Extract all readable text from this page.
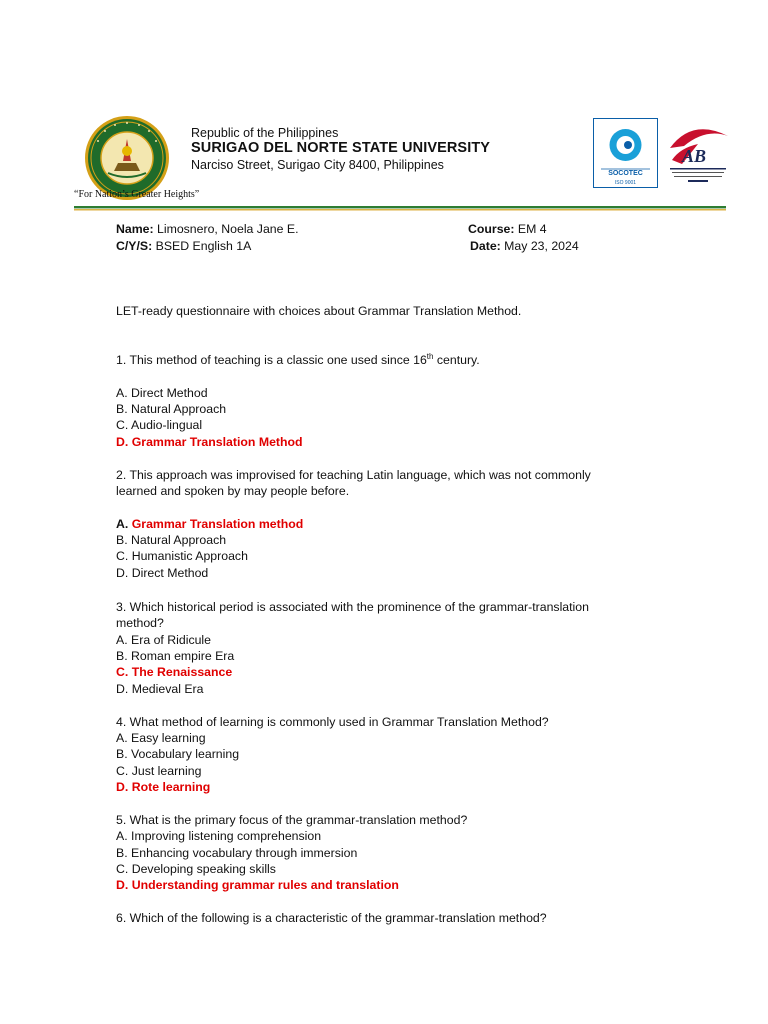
Republic of the Philippines
SURIGAO DEL NORTE STATE UNIVERSITY
Narciso Street, Surigao City 8400, Philippines
“For Nation’s Greater Heights”
SOCOTEC
ISO 9001
AB
Name: Limosnero, Noela Jane E.	Course: EM 4
C/Y/S: BSED English 1A	Date: May 23, 2024
LET-ready questionnaire with choices about Grammar Translation Method.
1. This method of teaching is a classic one used since 16th century.
A. Direct Method
B. Natural Approach
C. Audio-lingual
D. Grammar Translation Method
2. This approach was improvised for teaching Latin language, which was not commonly
learned and spoken by may people before.
A. Grammar Translation method
B. Natural Approach
C. Humanistic Approach
D. Direct Method
3. Which historical period is associated with the prominence of the grammar-translation
method?
A. Era of Ridicule
B. Roman empire Era
C. The Renaissance
D. Medieval Era
4. What method of learning is commonly used in Grammar Translation Method?
A. Easy learning
B. Vocabulary learning
C. Just learning
D. Rote learning
5. What is the primary focus of the grammar-translation method?
A. Improving listening comprehension
B. Enhancing vocabulary through immersion
C. Developing speaking skills
D. Understanding grammar rules and translation
6. Which of the following is a characteristic of the grammar-translation method?
